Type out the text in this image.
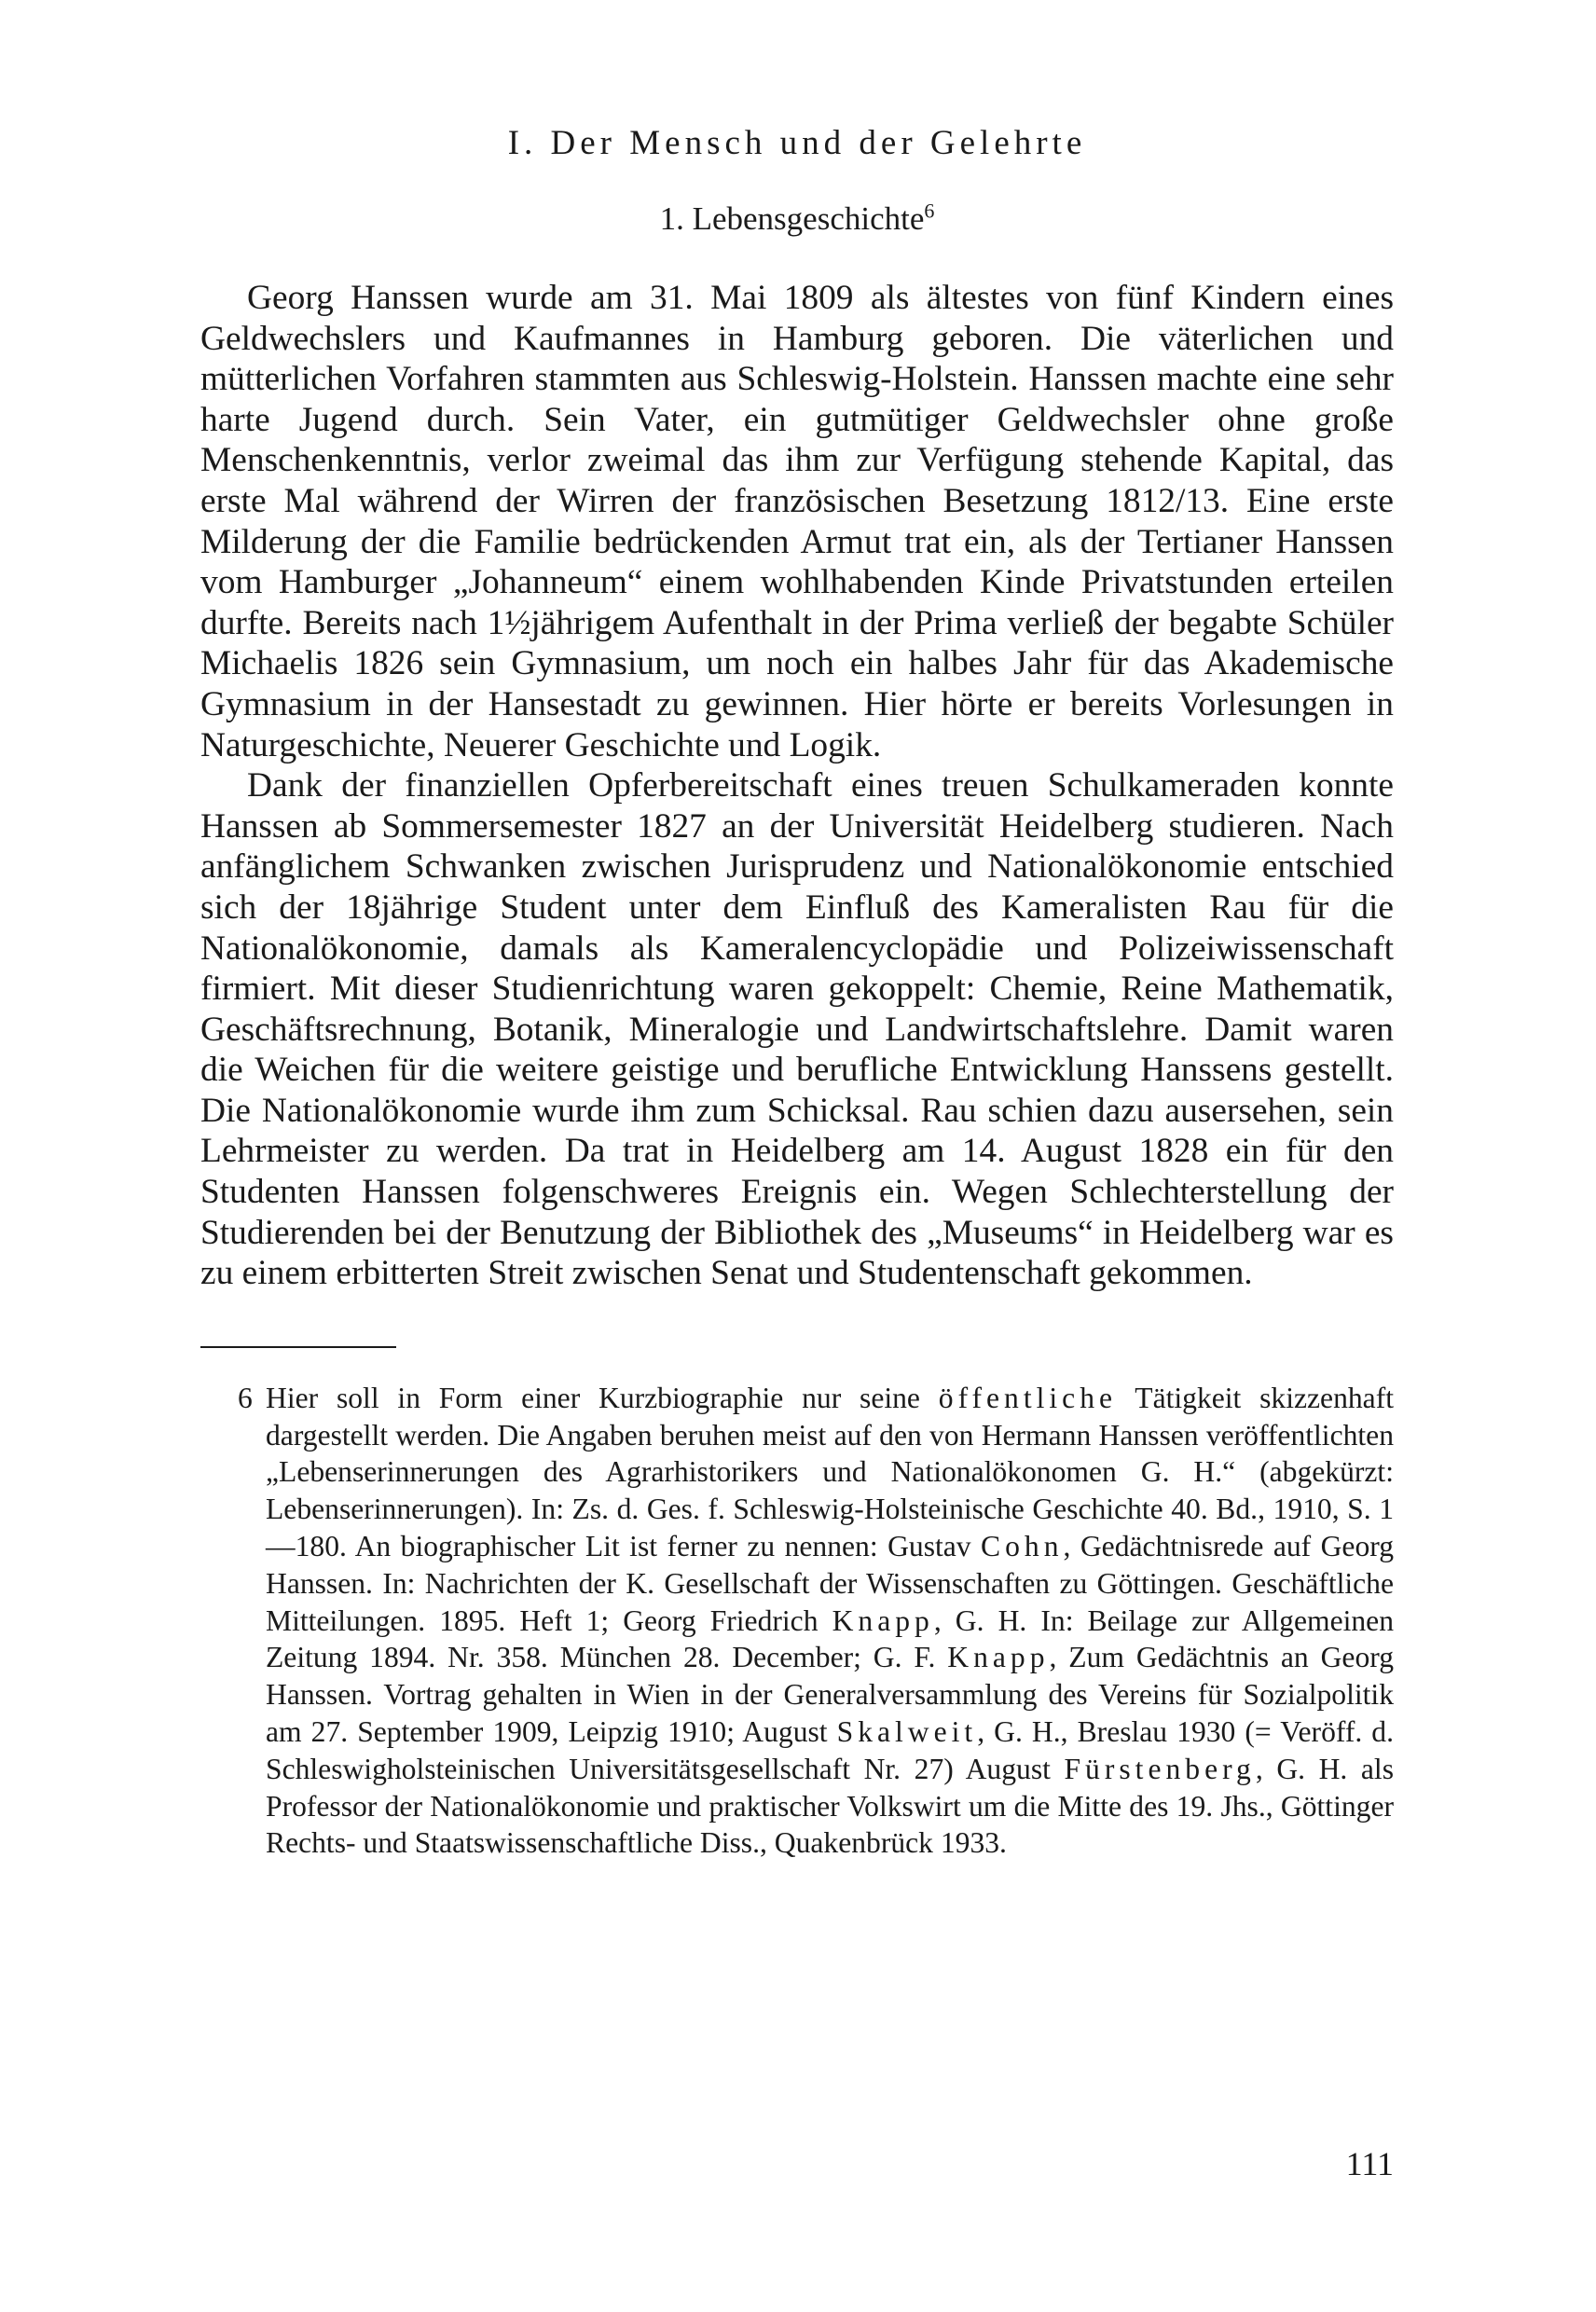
I. Der Mensch und der Gelehrte
1. Lebensgeschichte$^6$

Georg Hanssen wurde am 31. Mai 1809 als ältestes von fünf Kindern eines Geldwechslers und Kaufmannes in Hamburg geboren. Die väterlichen und mütterlichen Vorfahren stammten aus Schleswig-Holstein. Hanssen machte eine sehr harte Jugend durch. Sein Vater, ein gutmütiger Geldwechsler ohne große Menschenkenntnis, verlor zweimal das ihm zur Verfügung stehende Kapital, das erste Mal während der Wirren der französischen Besetzung 1812/13. Eine erste Milderung der die Familie bedrückenden Armut trat ein, als der Tertianer Hanssen vom Hamburger „Johanneum“ einem wohlhabenden Kinde Privatstunden erteilen durfte. Bereits nach 1½jährigem Aufenthalt in der Prima verließ der begabte Schüler Michaelis 1826 sein Gymnasium, um noch ein halbes Jahr für das Akademische Gymnasium in der Hansestadt zu gewinnen. Hier hörte er bereits Vorlesungen in Naturgeschichte, Neuerer Geschichte und Logik.

Dank der finanziellen Opferbereitschaft eines treuen Schulkameraden konnte Hanssen ab Sommersemester 1827 an der Universität Heidelberg studieren. Nach anfänglichem Schwanken zwischen Jurisprudenz und Nationalökonomie entschied sich der 18jährige Student unter dem Einfluß des Kameralisten Rau für die Nationalökonomie, damals als Kameralencyclopädie und Polizeiwissenschaft firmiert. Mit dieser Studienrichtung waren gekoppelt: Chemie, Reine Mathematik, Geschäftsrechnung, Botanik, Mineralogie und Landwirtschaftslehre. Damit waren die Weichen für die weitere geistige und berufliche Entwicklung Hanssens gestellt. Die Nationalökonomie wurde ihm zum Schicksal. Rau schien dazu ausersehen, sein Lehrmeister zu werden. Da trat in Heidelberg am 14. August 1828 ein für den Studenten Hanssen folgenschweres Ereignis ein. Wegen Schlechterstellung der Studierenden bei der Benutzung der Bibliothek des „Museums“ in Heidelberg war es zu einem erbitterten Streit zwischen Senat und Studentenschaft gekommen.

6 Hier soll in Form einer Kurzbiographie nur seine öffentliche Tätigkeit skizzenhaft dargestellt werden. Die Angaben beruhen meist auf den von Hermann Hanssen veröffentlichten „Lebenserinnerungen des Agrarhistorikers und Nationalökonomen G. H.“ (abgekürzt: Lebenserinnerungen). In: Zs. d. Ges. f. Schleswig-Holsteinische Geschichte 40. Bd., 1910, S. 1—180. An biographischer Lit ist ferner zu nennen: Gustav Cohn, Gedächtnisrede auf Georg Hanssen. In: Nachrichten der K. Gesellschaft der Wissenschaften zu Göttingen. Geschäftliche Mitteilungen. 1895. Heft 1; Georg Friedrich Knapp, G. H. In: Beilage zur Allgemeinen Zeitung 1894. Nr. 358. München 28. December; G. F. Knapp, Zum Gedächtnis an Georg Hanssen. Vortrag gehalten in Wien in der Generalversammlung des Vereins für Sozialpolitik am 27. September 1909, Leipzig 1910; August Skalweit, G. H., Breslau 1930 (= Veröff. d. Schleswigholsteinischen Universitätsgesellschaft Nr. 27) August Fürstenberg, G. H. als Professor der Nationalökonomie und praktischer Volkswirt um die Mitte des 19. Jhs., Göttinger Rechts- und Staatswissenschaftliche Diss., Quakenbrück 1933.
111
